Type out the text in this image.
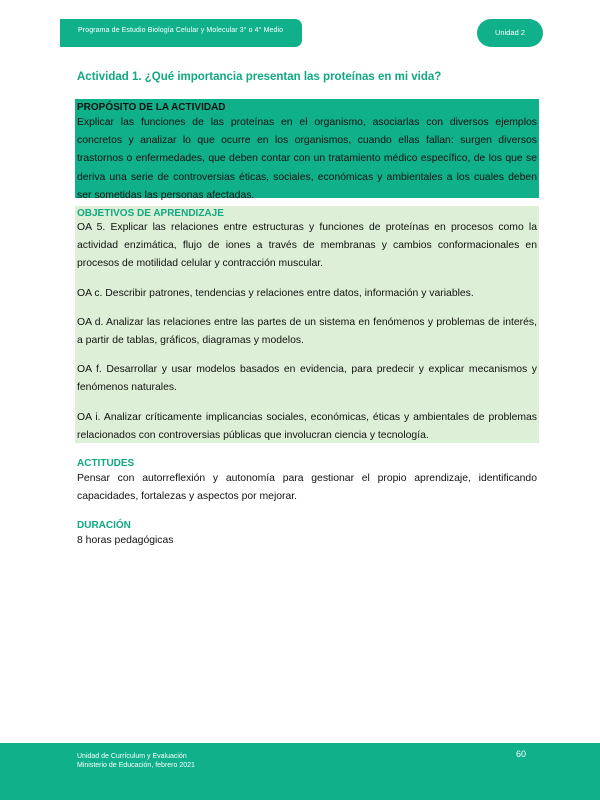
Programa de Estudio Biología Celular y Molecular 3° o 4° Medio	Unidad 2
Actividad 1. ¿Qué importancia presentan las proteínas en mi vida?

PROPÓSITO DE LA ACTIVIDAD

Explicar las funciones de las proteínas en el organismo, asociarlas con diversos ejemplos concretos y analizar lo que ocurre en los organismos, cuando ellas fallan: surgen diversos trastornos o enfermedades, que deben contar con un tratamiento médico específico, de los que se deriva una serie de controversias éticas, sociales, económicas y ambientales a los cuales deben ser sometidas las personas afectadas.

OBJETIVOS DE APRENDIZAJE

OA 5. Explicar las relaciones entre estructuras y funciones de proteínas en procesos como la actividad enzimática, flujo de iones a través de membranas y cambios conformacionales en procesos de motilidad celular y contracción muscular.

OA c. Describir patrones, tendencias y relaciones entre datos, información y variables.

OA d. Analizar las relaciones entre las partes de un sistema en fenómenos y problemas de interés, a partir de tablas, gráficos, diagramas y modelos.

OA f. Desarrollar y usar modelos basados en evidencia, para predecir y explicar mecanismos y fenómenos naturales.

OA i. Analizar críticamente implicancias sociales, económicas, éticas y ambientales de problemas relacionados con controversias públicas que involucran ciencia y tecnología.

ACTITUDES

Pensar con autorreflexión y autonomía para gestionar el propio aprendizaje, identificando capacidades, fortalezas y aspectos por mejorar.

DURACIÓN

8 horas pedagógicas

Unidad de Currículum y Evaluación
Ministerio de Educación, febrero 2021
60
